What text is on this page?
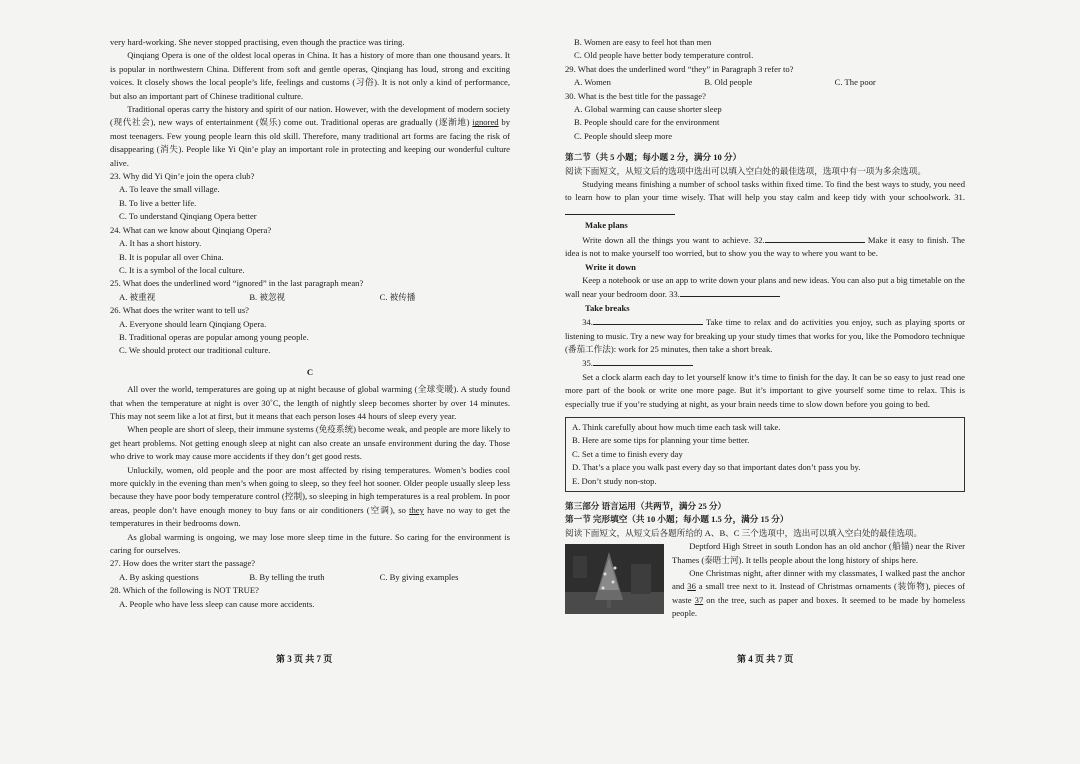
very hard-working. She never stopped practising, even though the practice was tiring.

Qinqiang Opera is one of the oldest local operas in China. It has a history of more than one thousand years. It is popular in northwestern China. Different from soft and gentle operas, Qinqiang has loud, strong and exciting voices. It closely shows the local people’s life, feelings and customs (习俗). It is not only a kind of performance, but also an important part of Chinese traditional culture.

Traditional operas carry the history and spirit of our nation. However, with the development of modern society (现代社会), new ways of entertainment (娱乐) come out. Traditional operas are gradually (逐渐地) ignored by most teenagers. Few young people learn this old skill. Therefore, many traditional art forms are facing the risk of disappearing (消失). People like Yi Qin’e play an important role in protecting and keeping our wonderful culture alive.

23. Why did Yi Qin’e join the opera club?

A. To leave the small village.

B. To live a better life.

C. To understand Qinqiang Opera better

24. What can we know about Qinqiang Opera?

A. It has a short history.

B. It is popular all over China.

C. It is a symbol of the local culture.

25. What does the underlined word “ignored” in the last paragraph mean?

A. 被重视	B. 被忽视	C. 被传播

26. What does the writer want to tell us?

A. Everyone should learn Qinqiang Opera.

B. Traditional operas are popular among young people.

C. We should protect our traditional culture.

C

All over the world, temperatures are going up at night because of global warming (全球变暖). A study found that when the temperature at night is over 30˚C, the length of nightly sleep becomes shorter by over 14 minutes. This may not seem like a lot at first, but it means that each person loses 44 hours of sleep every year.

When people are short of sleep, their immune systems (免疫系统) become weak, and people are more likely to get heart problems. Not getting enough sleep at night can also create an unsafe environment during the day. Those who drive to work may cause more accidents if they don’t get good rests.

Unluckily, women, old people and the poor are most affected by rising temperatures. Women’s bodies cool more quickly in the evening than men’s when going to sleep, so they feel hot sooner. Older people usually sleep less because they have poor body temperature control (控制), so sleeping in high temperatures is a real problem. In poor areas, people don’t have enough money to buy fans or air conditioners (空调), so they have no way to get the temperatures in their bedrooms down.

As global warming is ongoing, we may lose more sleep time in the future. So caring for the environment is caring for ourselves.

27. How does the writer start the passage?

A. By asking questions	B. By telling the truth	C. By giving examples

28. Which of the following is NOT TRUE?

A. People who have less sleep can cause more accidents.

B. Women are easy to feel hot than men

C. Old people have better body temperature control.

29. What does the underlined word “they” in Paragraph 3 refer to?

A. Women	B. Old people	C. The poor

30. What is the best title for the passage?

A. Global warming can cause shorter sleep

B. People should care for the environment

C. People should sleep more

第二节（共 5 小题；每小题 2 分，满分 10 分）

阅读下面短文，从短文后的选项中选出可以填入空白处的最佳选项，选项中有一项为多余选项。

Studying means finishing a number of school tasks within fixed time. To find the best ways to study, you need to learn how to plan your time wisely. That will help you stay calm and keep tidy with your schoolwork. 31.

Make plans

Write down all the things you want to achieve. 32.	Make it easy to finish. The idea is not to make yourself too worried, but to show you the way to where you want to be.

Write it down

Keep a notebook or use an app to write down your plans and new ideas. You can also put a big timetable on the wall near your bedroom door. 33.

Take breaks

34.	Take time to relax and do activities you enjoy, such as playing sports or listening to music. Try a new way for breaking up your study times that works for you, like the Pomodoro technique (番茄工作法): work for 25 minutes, then take a short break.

35.

Set a clock alarm each day to let yourself know it’s time to finish for the day. It can be so easy to just read one more part of the book or write one more page. But it’s important to give yourself some time to relax. This is especially true if you’re studying at night, as your brain needs time to slow down before you going to bed.

A. Think carefully about how much time each task will take.

B. Here are some tips for planning your time better.

C. Set a time to finish every day

D. That’s a place you walk past every day so that important dates don’t pass you by.

E. Don’t study non-stop.

第三部分 语言运用（共两节，满分 25 分）

第一节 完形填空（共 10 小题；每小题 1.5 分，满分 15 分）

阅读下面短文，从短文后各题所给的 A、B、C 三个选项中，选出可以填入空白处的最佳选项。

Deptford High Street in south London has an old anchor (船锚) near the River Thames (泰晤士河). It tells people about the long history of ships here.

One Christmas night, after dinner with my classmates, I walked past the anchor and 36 a small tree next to it. Instead of Christmas ornaments (装饰物), pieces of waste 37 on the tree, such as paper and boxes. It seemed to be made by homeless people.

第 3 页 共 7 页	第 4 页 共 7 页
